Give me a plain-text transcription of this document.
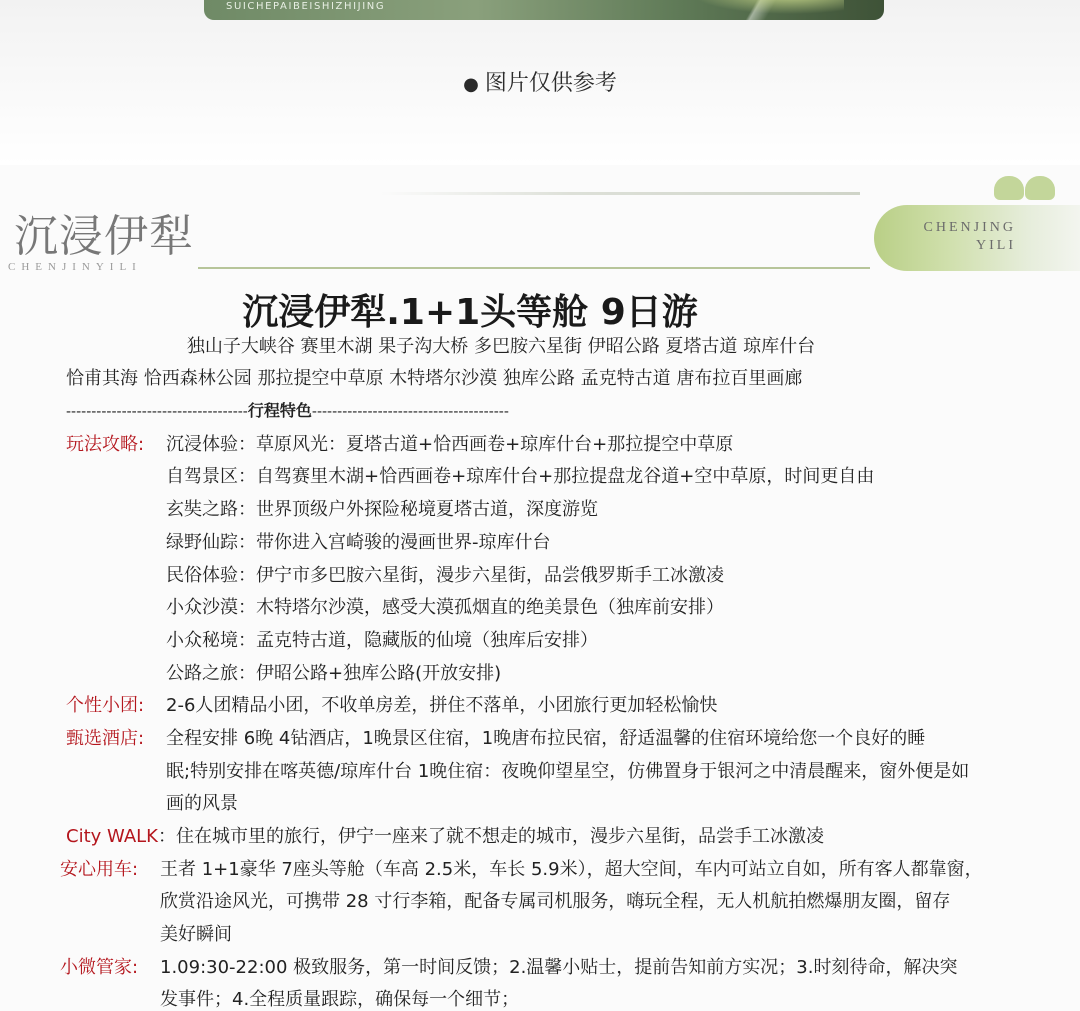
SUICHEPAIBEISHIZHIJING
● 图片仅供参考
沉浸伊犁
CHENJINYILI
CHENJING
YILI
沉浸伊犁.1+1头等舱 9日游
独山子大峡谷 赛里木湖 果子沟大桥 多巴胺六星街 伊昭公路 夏塔古道 琼库什台
恰甫其海 恰西森林公园 那拉提空中草原 木特塔尔沙漠 独库公路 孟克特古道 唐布拉百里画廊
------------------------------------行程特色---------------------------------------
玩法攻略: 沉浸体验：草原风光：夏塔古道+恰西画卷+琼库什台+那拉提空中草原
自驾景区：自驾赛里木湖+恰西画卷+琼库什台+那拉提盘龙谷道+空中草原，时间更自由
玄奘之路：世界顶级户外探险秘境夏塔古道，深度游览
绿野仙踪：带你进入宫崎骏的漫画世界-琼库什台
民俗体验：伊宁市多巴胺六星街，漫步六星街，品尝俄罗斯手工冰激凌
小众沙漠：木特塔尔沙漠，感受大漠孤烟直的绝美景色（独库前安排）
小众秘境：孟克特古道，隐藏版的仙境（独库后安排）
公路之旅：伊昭公路+独库公路(开放安排)
个性小团: 2-6人团精品小团，不收单房差，拼住不落单，小团旅行更加轻松愉快
甄选酒店: 全程安排 6晚 4钻酒店，1晚景区住宿，1晚唐布拉民宿，舒适温馨的住宿环境给您一个良好的睡
眠;特别安排在喀英德/琼库什台 1晚住宿：夜晚仰望星空，仿佛置身于银河之中清晨醒来，窗外便是如
画的风景
City WALK：住在城市里的旅行，伊宁一座来了就不想走的城市，漫步六星街，品尝手工冰激凌
安心用车: 王者 1+1豪华 7座头等舱（车高 2.5米，车长 5.9米），超大空间，车内可站立自如，所有客人都靠窗，
欣赏沿途风光，可携带 28 寸行李箱，配备专属司机服务，嗨玩全程，无人机航拍燃爆朋友圈，留存
美好瞬间
小微管家: 1.09:30-22:00 极致服务，第一时间反馈；2.温馨小贴士，提前告知前方实况；3.时刻待命，解决突
发事件；4.全程质量跟踪，确保每一个细节；
